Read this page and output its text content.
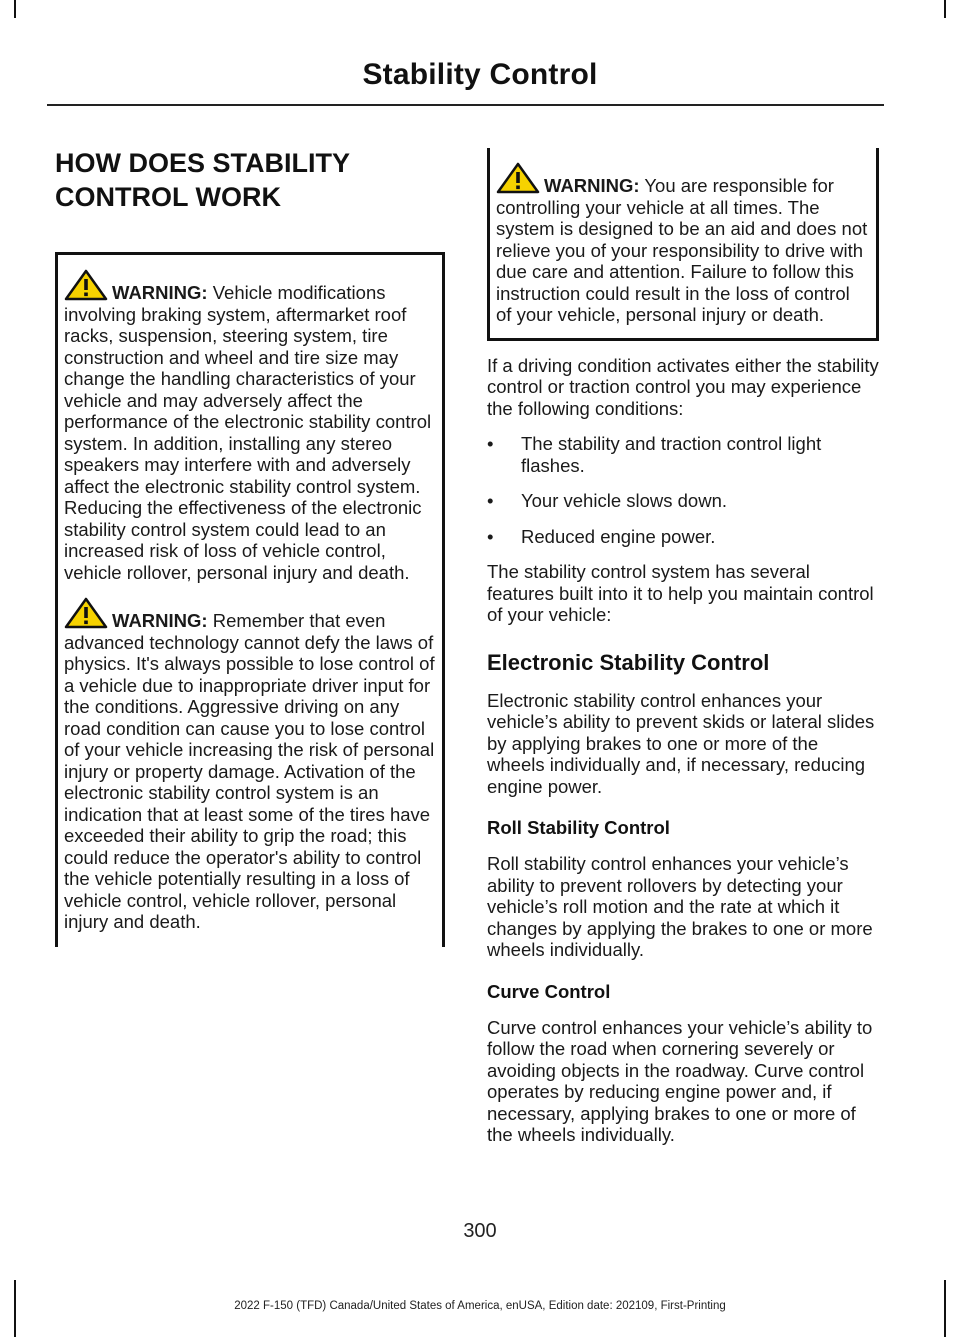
Stability Control
HOW DOES STABILITY
CONTROL WORK

WARNING: Vehicle modifications involving braking system, aftermarket roof racks, suspension, steering system, tire construction and wheel and tire size may change the handling characteristics of your vehicle and may adversely affect the performance of the electronic stability control system. In addition, installing any stereo speakers may interfere with and adversely affect the electronic stability control system. Reducing the effectiveness of the electronic stability control system could lead to an increased risk of loss of vehicle control, vehicle rollover, personal injury and death.

WARNING: Remember that even advanced technology cannot defy the laws of physics. It's always possible to lose control of a vehicle due to inappropriate driver input for the conditions. Aggressive driving on any road condition can cause you to lose control of your vehicle increasing the risk of personal injury or property damage. Activation of the electronic stability control system is an indication that at least some of the tires have exceeded their ability to grip the road; this could reduce the operator's ability to control the vehicle potentially resulting in a loss of vehicle control, vehicle rollover, personal injury and death.

WARNING: You are responsible for controlling your vehicle at all times. The system is designed to be an aid and does not relieve you of your responsibility to drive with due care and attention. Failure to follow this instruction could result in the loss of control of your vehicle, personal injury or death.

If a driving condition activates either the stability control or traction control you may experience the following conditions:

• The stability and traction control light flashes.
• Your vehicle slows down.
• Reduced engine power.

The stability control system has several features built into it to help you maintain control of your vehicle:

Electronic Stability Control

Electronic stability control enhances your vehicle’s ability to prevent skids or lateral slides by applying brakes to one or more of the wheels individually and, if necessary, reducing engine power.

Roll Stability Control

Roll stability control enhances your vehicle’s ability to prevent rollovers by detecting your vehicle’s roll motion and the rate at which it changes by applying the brakes to one or more wheels individually.

Curve Control

Curve control enhances your vehicle’s ability to follow the road when cornering severely or avoiding objects in the roadway. Curve control operates by reducing engine power and, if necessary, applying brakes to one or more of the wheels individually.

300
2022 F-150 (TFD) Canada/United States of America, enUSA, Edition date: 202109, First-Printing
